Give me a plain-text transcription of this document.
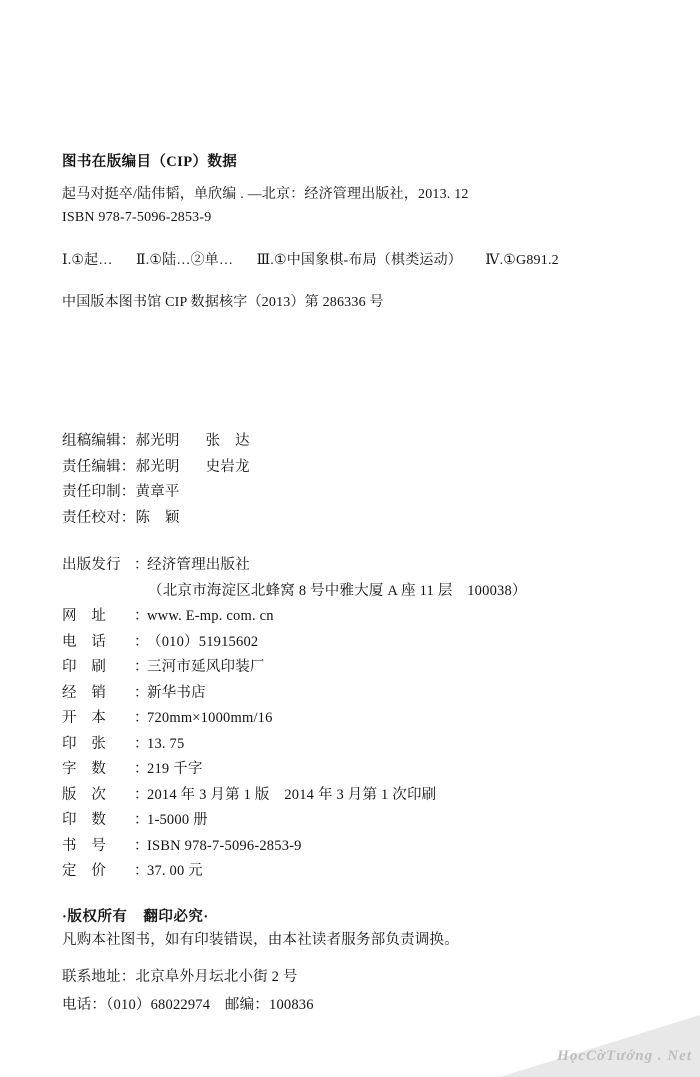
图书在版编目（CIP）数据
起马对挺卒/陆伟韬，单欣编 . —北京：经济管理出版社，2013. 12
ISBN 978-7-5096-2853-9
Ⅰ.①起… Ⅱ.①陆…②单… Ⅲ.①中国象棋-布局（棋类运动） Ⅳ.①G891.2
中国版本图书馆 CIP 数据核字（2013）第 286336 号
组稿编辑：郝光明 张　达
责任编辑：郝光明 史岩龙
责任印制：黄章平
责任校对：陈　颖
出版发行 ：经济管理出版社
（北京市海淀区北蜂窝 8 号中雅大厦 A 座 11 层　100038）
网　址 ：www. E-mp. com. cn
电　话 ：（010）51915602
印　刷 ：三河市延风印装厂
经　销 ：新华书店
开　本 ：720mm×1000mm/16
印　张 ：13. 75
字　数 ：219 千字
版　次 ：2014 年 3 月第 1 版　2014 年 3 月第 1 次印刷
印　数 ：1-5000 册
书　号 ：ISBN 978-7-5096-2853-9
定　价 ：37. 00 元
·版权所有 翻印必究·
凡购本社图书，如有印装错误，由本社读者服务部负责调换。
联系地址：北京阜外月坛北小街 2 号
电话：（010）68022974　邮编：100836
HọcCờTướng . Net
